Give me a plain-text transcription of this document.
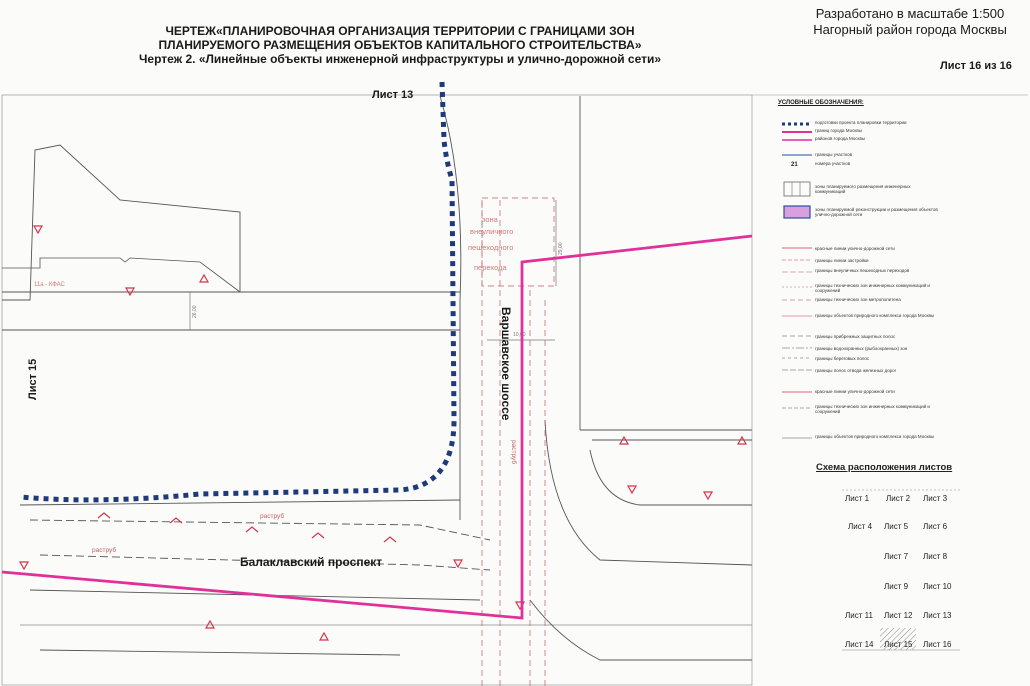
ЧЕРТЕЖ«ПЛАНИРОВОЧНАЯ ОРГАНИЗАЦИЯ ТЕРРИТОРИИ С ГРАНИЦАМИ ЗОН
ПЛАНИРУЕМОГО РАЗМЕЩЕНИЯ ОБЪЕКТОВ КАПИТАЛЬНОГО СТРОИТЕЛЬСТВА»
Чертеж 2. «Линейные объекты инженерной инфраструктуры и улично-дорожной сети»
Разработано в масштабе 1:500
Нагорный район города Москвы
Лист 16 из 16
26,00
29,00
10,00
зона
внеуличного
пешеходного
перехода
11а - КФАС
раструб
раструб
раструб
Лист 13
Лист 15	Варшавское шоссе
Балаклавский проспект
21
УСЛОВНЫЕ ОБОЗНАЧЕНИЯ:
подготовки проекта планировки территории
границ города Москвы
районов города Москвы
границы участков
номера участков
зоны планируемого размещения инженерных коммуникаций
зоны планируемой реконструкции и размещения объектов улично-дорожной сети
красные линии улично-дорожной сети
границы линии застройки
границы внеуличных пешеходных переходов
границы технических зон инженерных коммуникаций и сооружений
границы технических зон метрополитена
границы объектов природного комплекса города Москвы
границы прибрежных защитных полос
границы водоохранных (рыбоохранных) зон
границы береговых полос
границы полос отвода железных дорог
красные линии улично-дорожной сети
границы технических зон инженерных коммуникаций и сооружений
границы объектов природного комплекса города Москвы
Схема расположения листов
Лист 1 Лист 2 Лист 3
Лист 4 Лист 5 Лист 6
Лист 7 Лист 8
Лист 9 Лист 10
Лист 11 Лист 12 Лист 13
Лист 14 Лист 15 Лист 16
